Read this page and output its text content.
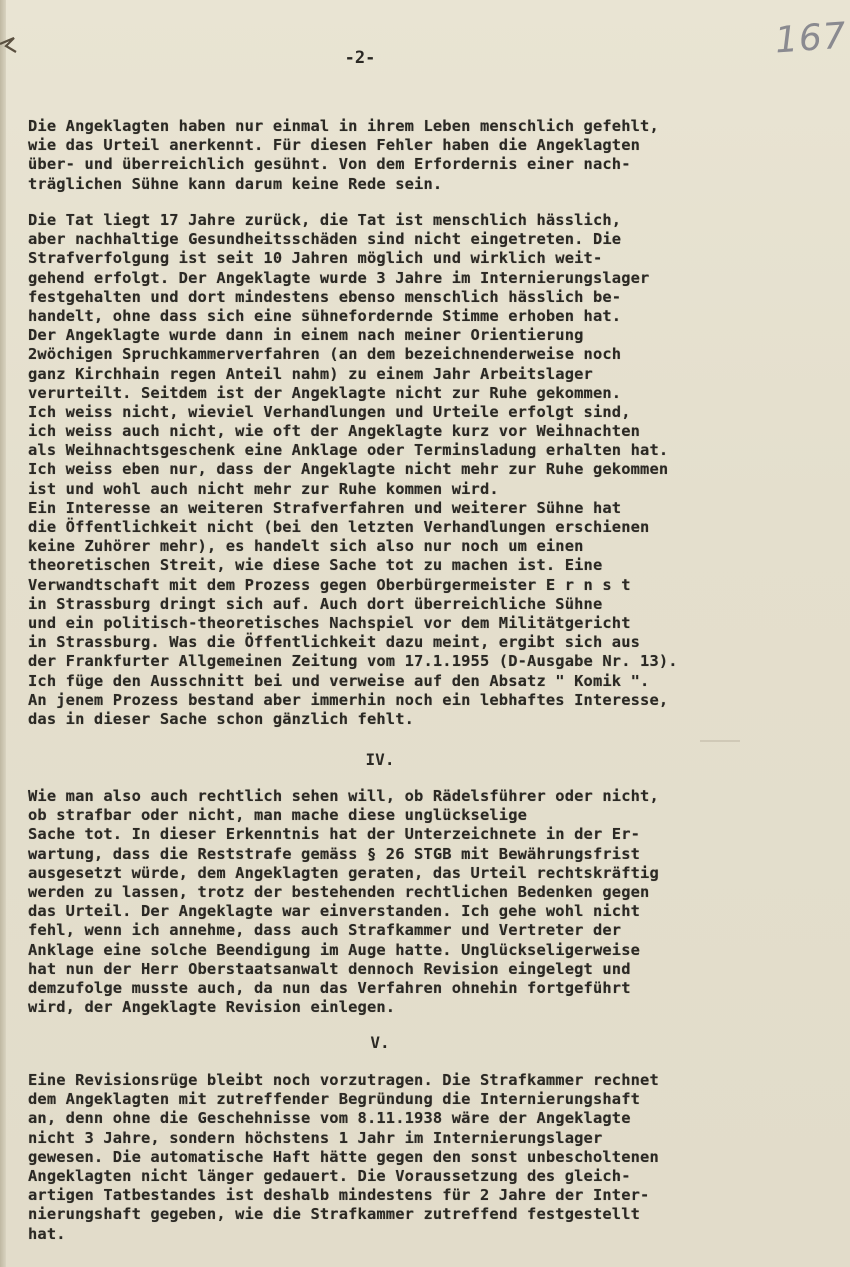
167
-2-
Die Angeklagten haben nur einmal in ihrem Leben menschlich gefehlt,
wie das Urteil anerkennt. Für diesen Fehler haben die Angeklagten
über- und überreichlich gesühnt. Von dem Erfordernis einer nach-
träglichen Sühne kann darum keine Rede sein.
Die Tat liegt 17 Jahre zurück, die Tat ist menschlich hässlich,
aber nachhaltige Gesundheitsschäden sind nicht eingetreten. Die
Strafverfolgung ist seit 10 Jahren möglich und wirklich weit-
gehend erfolgt. Der Angeklagte wurde 3 Jahre im Internierungslager
festgehalten und dort mindestens ebenso menschlich hässlich be-
handelt, ohne dass sich eine sühnefordernde Stimme erhoben hat.
Der Angeklagte wurde dann in einem nach meiner Orientierung
2wöchigen Spruchkammerverfahren (an dem bezeichnenderweise noch
ganz Kirchhain regen Anteil nahm) zu einem Jahr Arbeitslager
verurteilt. Seitdem ist der Angeklagte nicht zur Ruhe gekommen.
Ich weiss nicht, wieviel Verhandlungen und Urteile erfolgt sind,
ich weiss auch nicht, wie oft der Angeklagte kurz vor Weihnachten
als Weihnachtsgeschenk eine Anklage oder Terminsladung erhalten hat.
Ich weiss eben nur, dass der Angeklagte nicht mehr zur Ruhe gekommen
ist und wohl auch nicht mehr zur Ruhe kommen wird.
Ein Interesse an weiteren Strafverfahren und weiterer Sühne hat
die Öffentlichkeit nicht (bei den letzten Verhandlungen erschienen
keine Zuhörer mehr), es handelt sich also nur noch um einen
theoretischen Streit, wie diese Sache tot zu machen ist. Eine
Verwandtschaft mit dem Prozess gegen Oberbürgermeister E r n s t
in Strassburg dringt sich auf. Auch dort überreichliche Sühne
und ein politisch-theoretisches Nachspiel vor dem Militätgericht
in Strassburg. Was die Öffentlichkeit dazu meint, ergibt sich aus
der Frankfurter Allgemeinen Zeitung vom 17.1.1955 (D-Ausgabe Nr. 13).
Ich füge den Ausschnitt bei und verweise auf den Absatz " Komik ".
An jenem Prozess bestand aber immerhin noch ein lebhaftes Interesse,
das in dieser Sache schon gänzlich fehlt.
IV.
Wie man also auch rechtlich sehen will, ob Rädelsführer oder nicht,
ob strafbar oder nicht, man mache diese unglückselige
Sache tot. In dieser Erkenntnis hat der Unterzeichnete in der Er-
wartung, dass die Reststrafe gemäss § 26 STGB mit Bewährungsfrist
ausgesetzt würde, dem Angeklagten geraten, das Urteil rechtskräftig
werden zu lassen, trotz der bestehenden rechtlichen Bedenken gegen
das Urteil. Der Angeklagte war einverstanden. Ich gehe wohl nicht
fehl, wenn ich annehme, dass auch Strafkammer und Vertreter der
Anklage eine solche Beendigung im Auge hatte. Unglückseligerweise
hat nun der Herr Oberstaatsanwalt dennoch Revision eingelegt und
demzufolge musste auch, da nun das Verfahren ohnehin fortgeführt
wird, der Angeklagte Revision einlegen.
V.
Eine Revisionsrüge bleibt noch vorzutragen. Die Strafkammer rechnet
dem Angeklagten mit zutreffender Begründung die Internierungshaft
an, denn ohne die Geschehnisse vom 8.11.1938 wäre der Angeklagte
nicht 3 Jahre, sondern höchstens 1 Jahr im Internierungslager
gewesen. Die automatische Haft hätte gegen den sonst unbescholtenen
Angeklagten nicht länger gedauert. Die Voraussetzung des gleich-
artigen Tatbestandes ist deshalb mindestens für 2 Jahre der Inter-
nierungshaft gegeben, wie die Strafkammer zutreffend festgestellt
hat.
